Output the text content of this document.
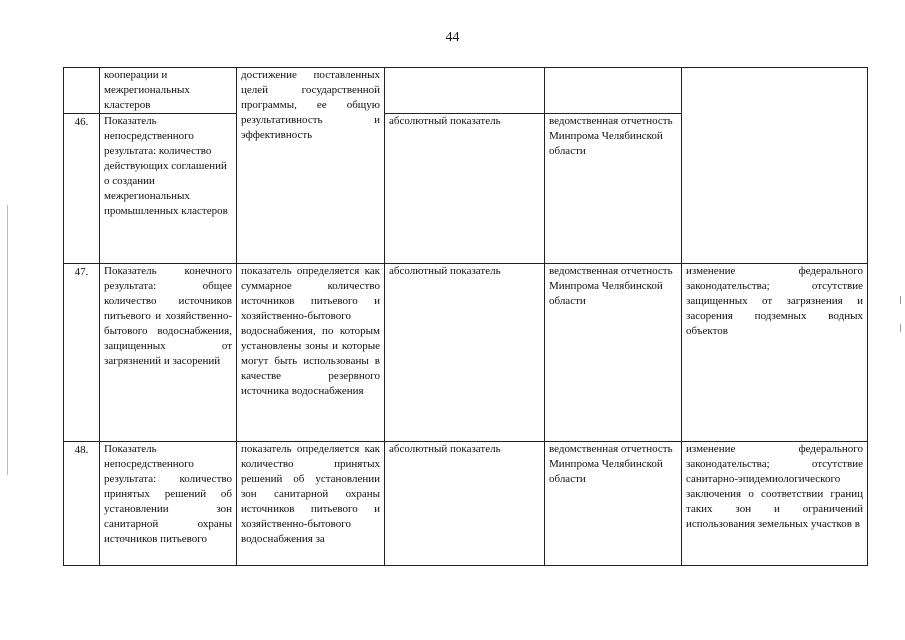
44

	кооперации и межрегиональных кластеров	достижение поставленных целей государственной программы, ее общую результативность и эффективность			

46.	Показатель непосредственного результата: количество действующих соглашений о создании межрегиональных промышленных кластеров		абсолютный показатель	ведомственная отчетность Минпрома Челябинской области	

47.	Показатель конечного результата: общее количество источников питьевого и хозяйственно-бытового водоснабжения, защищенных от загрязнений и засорений	показатель определяется как суммарное количество источников питьевого и хозяйственно-бытового водоснабжения, по которым установлены зоны и которые могут быть использованы в качестве резервного источника водоснабжения	абсолютный показатель	ведомственная отчетность Минпрома Челябинской области	изменение федерального законодательства; отсутствие защищенных от загрязнения и засорения подземных водных объектов

48.	Показатель непосредственного результата: количество принятых решений об установлении зон санитарной охраны источников питьевого	показатель определяется как количество принятых решений об установлении зон санитарной охраны источников питьевого и хозяйственно-бытового водоснабжения за	абсолютный показатель	ведомственная отчетность Минпрома Челябинской области	изменение федерального законодательства; отсутствие санитарно-эпидемиологического заключения о соответствии границ таких зон и ограничений использования земельных участков в
